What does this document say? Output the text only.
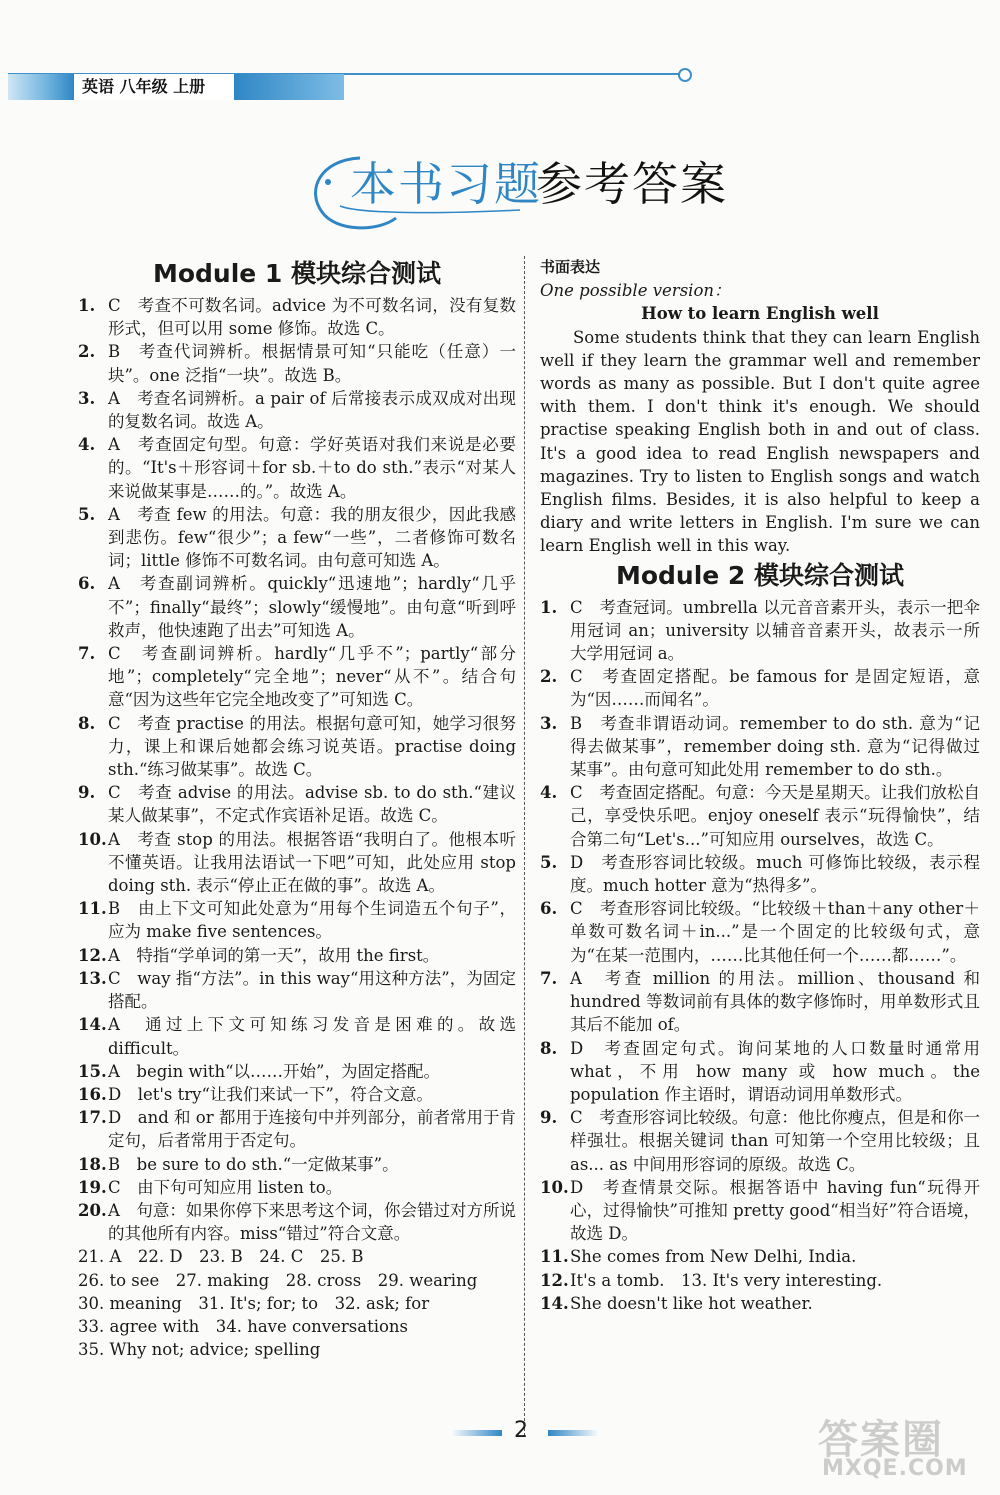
英语 八年级 上册
本书习题
参考答案
Module 1 模块综合测试
1. C　考查不可数名词。advice 为不可数名词，没有复数形式，但可以用 some 修饰。故选 C。
2. B　考查代词辨析。根据情景可知“只能吃（任意）一块”。one 泛指“一块”。故选 B。
3. A　考查名词辨析。a pair of 后常接表示成双成对出现的复数名词。故选 A。
4. A　考查固定句型。句意：学好英语对我们来说是必要的。“It's＋形容词＋for sb.＋to do sth.”表示“对某人来说做某事是……的。”。故选 A。
5. A　考查 few 的用法。句意：我的朋友很少，因此我感到悲伤。few“很少”；a few“一些”，二者修饰可数名词；little 修饰不可数名词。由句意可知选 A。
6. A　考查副词辨析。quickly“迅速地”；hardly“几乎不”；finally“最终”；slowly“缓慢地”。由句意“听到呼救声，他快速跑了出去”可知选 A。
7. C　考查副词辨析。hardly“几乎不”；partly“部分地”；completely“完全地”；never“从不”。结合句意“因为这些年它完全地改变了”可知选 C。
8. C　考查 practise 的用法。根据句意可知，她学习很努力，课上和课后她都会练习说英语。practise doing sth.“练习做某事”。故选 C。
9. C　考查 advise 的用法。advise sb. to do sth.“建议某人做某事”，不定式作宾语补足语。故选 C。
10. A　考查 stop 的用法。根据答语“我明白了。他根本听不懂英语。让我用法语试一下吧”可知，此处应用 stop doing sth. 表示“停止正在做的事”。故选 A。
11. B　由上下文可知此处意为“用每个生词造五个句子”，应为 make five sentences。
12. A　特指“学单词的第一天”，故用 the first。
13. C　way 指“方法”。in this way“用这种方法”，为固定搭配。
14. A　通过上下文可知练习发音是困难的。故选 difficult。
15. A　begin with“以……开始”，为固定搭配。
16. D　let's try“让我们来试一下”，符合文意。
17. D　and 和 or 都用于连接句中并列部分，前者常用于肯定句，后者常用于否定句。
18. B　be sure to do sth.“一定做某事”。
19. C　由下句可知应用 listen to。
20. A　句意：如果你停下来思考这个词，你会错过对方所说的其他所有内容。miss“错过”符合文意。
21. A　22. D　23. B　24. C　25. B
26. to see　27. making　28. cross　29. wearing
30. meaning　31. It's; for; to　32. ask; for
33. agree with　34. have conversations
35. Why not; advice; spelling
书面表达
One possible version：
How to learn English well
Some students think that they can learn English well if they learn the grammar well and remember words as many as possible. But I don't quite agree with them. I don't think it's enough. We should practise speaking English both in and out of class. It's a good idea to read English newspapers and magazines. Try to listen to English songs and watch English films. Besides, it is also helpful to keep a diary and write letters in English. I'm sure we can learn English well in this way.
Module 2 模块综合测试
1. C　考查冠词。umbrella 以元音音素开头，表示一把伞用冠词 an；university 以辅音音素开头，故表示一所大学用冠词 a。
2. C　考查固定搭配。be famous for 是固定短语，意为“因……而闻名”。
3. B　考查非谓语动词。remember to do sth. 意为“记得去做某事”，remember doing sth. 意为“记得做过某事”。由句意可知此处用 remember to do sth.。
4. C　考查固定搭配。句意：今天是星期天。让我们放松自己，享受快乐吧。enjoy oneself 表示“玩得愉快”，结合第二句“Let's...”可知应用 ourselves，故选 C。
5. D　考查形容词比较级。much 可修饰比较级，表示程度。much hotter 意为“热得多”。
6. C　考查形容词比较级。“比较级＋than＋any other＋单数可数名词＋in...”是一个固定的比较级句式，意为“在某一范围内，……比其他任何一个……都……”。
7. A　考查 million 的用法。million、thousand 和 hundred 等数词前有具体的数字修饰时，用单数形式且其后不能加 of。
8. D　考查固定句式。询问某地的人口数量时通常用 what，不用 how many 或 how much。the population 作主语时，谓语动词用单数形式。
9. C　考查形容词比较级。句意：他比你瘦点，但是和你一样强壮。根据关键词 than 可知第一个空用比较级；且 as... as 中间用形容词的原级。故选 C。
10. D　考查情景交际。根据答语中 having fun“玩得开心，过得愉快”可推知 pretty good“相当好”符合语境，故选 D。
11. She comes from New Delhi, India.
12. It's a tomb.　13. It's very interesting.
14. She doesn't like hot weather.
2	答案圈
MXQE.COM
